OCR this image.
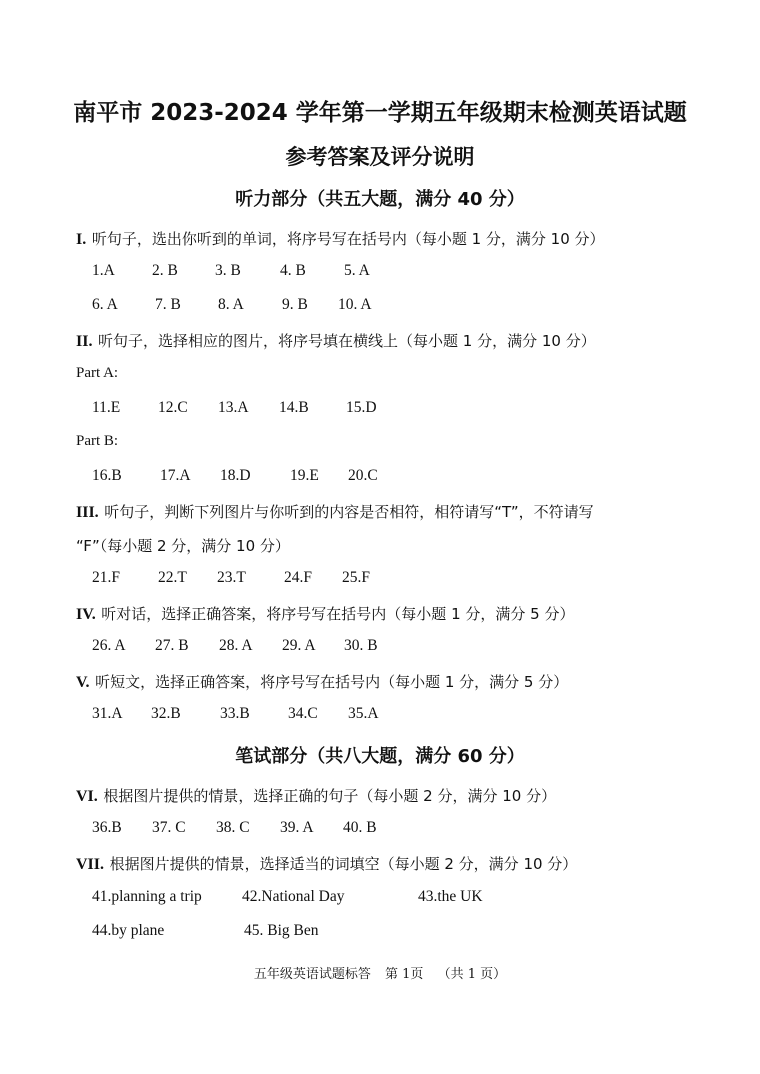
南平市 2023-2024 学年第一学期五年级期末检测英语试题
参考答案及评分说明
听力部分（共五大题，满分 40 分）
I. 听句子，选出你听到的单词，将序号写在括号内（每小题 1 分，满分 10 分）
1.A 2. B 3. B	4. B 5. A
6. A 7. B 8. A 9. B 10. A
II. 听句子，选择相应的图片，将序号填在横线上（每小题 1 分，满分 10 分）
Part A:
11.E 12.C 13.A 14.B 15.D
Part B:
16.B 17.A 18.D	19.E 20.C
III. 听句子，判断下列图片与你听到的内容是否相符，相符请写“T”，不符请写
“F”（每小题 2 分，满分 10 分）
21.F 22.T 23.T 24.F 25.F
IV. 听对话，选择正确答案，将序号写在括号内（每小题 1 分，满分 5 分）
26. A 27. B 28. A 29. A 30. B
V. 听短文，选择正确答案，将序号写在括号内（每小题 1 分，满分 5 分）
31.A 32.B	33.B 34.C 35.A
笔试部分（共八大题，满分 60 分）
VI. 根据图片提供的情景，选择正确的句子（每小题 2 分，满分 10 分）
36.B 37. C 38. C 39. A 40. B
VII. 根据图片提供的情景，选择适当的词填空（每小题 2 分，满分 10 分）
41.planning a trip	42.National Day	43.the UK
44.by plane	45. Big Ben
五年级英语试题标答 第 1页 （共 1 页）
